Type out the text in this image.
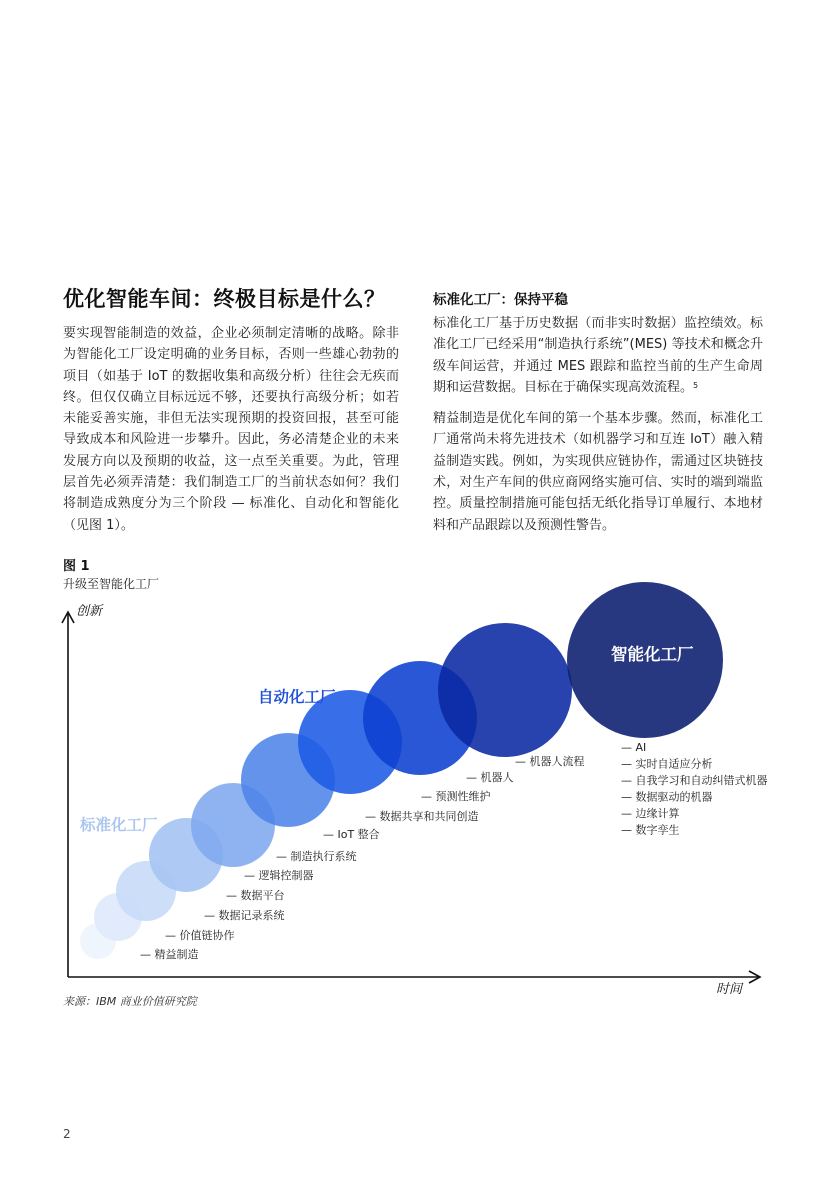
优化智能车间：终极目标是什么？

要实现智能制造的效益，企业必须制定清晰的战略。除非为智能化工厂设定明确的业务目标，否则一些雄心勃勃的项目（如基于 IoT 的数据收集和高级分析）往往会无疾而终。但仅仅确立目标远远不够，还要执行高级分析；如若未能妥善实施，非但无法实现预期的投资回报，甚至可能导致成本和风险进一步攀升。因此，务必清楚企业的未来发展方向以及预期的收益，这一点至关重要。为此，管理层首先必须弄清楚：我们制造工厂的当前状态如何？我们将制造成熟度分为三个阶段 — 标准化、自动化和智能化（见图 1）。

标准化工厂：保持平稳

标准化工厂基于历史数据（而非实时数据）监控绩效。标准化工厂已经采用“制造执行系统”(MES) 等技术和概念升级车间运营，并通过 MES 跟踪和监控当前的生产生命周期和运营数据。目标在于确保实现高效流程。$^5$

精益制造是优化车间的第一个基本步骤。然而，标准化工厂通常尚未将先进技术（如机器学习和互连 IoT）融入精益制造实践。例如，为实现供应链协作，需通过区块链技术，对生产车间的供应商网络实施可信、实时的端到端监控。质量控制措施可能包括无纸化指导订单履行、本地材料和产品跟踪以及预测性警告。

图 1
升级至智能化工厂
创新
时间
标准化工厂
自动化工厂
智能化工厂
— 精益制造
— 价值链协作
— 数据记录系统
— 数据平台
— 逻辑控制器
— 制造执行系统
— IoT 整合
— 数据共享和共同创造
— 预测性维护
— 机器人
— 机器人流程
— AI
— 实时自适应分析
— 自我学习和自动纠错式机器
— 数据驱动的机器
— 边缘计算
— 数字孪生
来源：IBM 商业价值研究院
2
